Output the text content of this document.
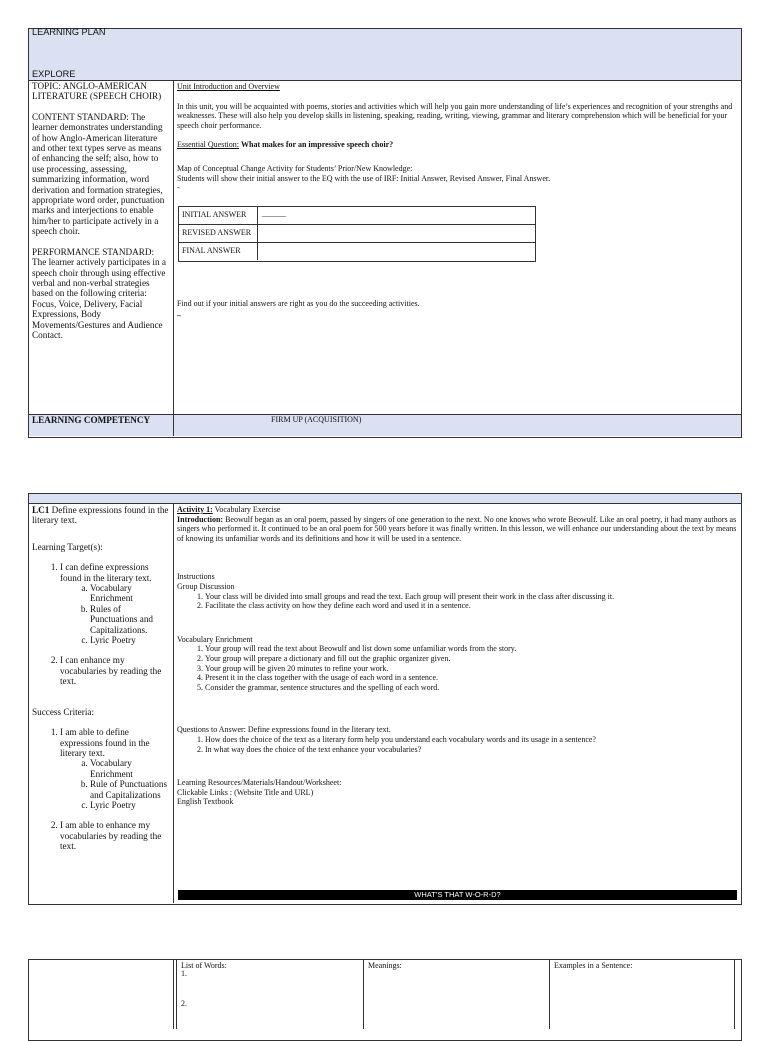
LEARNING PLAN
EXPLORE

TOPIC: ANGLO-AMERICAN LITERATURE (SPEECH CHOIR)

CONTENT STANDARD: The learner demonstrates understanding of how Anglo-American literature and other text types serve as means of enhancing the self; also, how to use processing, assessing, summarizing information, word derivation and formation strategies, appropriate word order, punctuation marks and interjections to enable him/her to participate actively in a speech choir.

PERFORMANCE STANDARD: The learner actively participates in a speech choir through using effective verbal and non-verbal strategies based on the following criteria: Focus, Voice, Delivery, Facial Expressions, Body Movements/Gestures and Audience Contact.

Unit Introduction and Overview

In this unit, you will be acquainted with poems, stories and activities which will help you gain more understanding of life’s experiences and recognition of your strengths and weaknesses. These will also help you develop skills in listening, speaking, reading, writing, viewing, grammar and literary comprehension which will be beneficial for your speech choir performance.

Essential Question: What makes for an impressive speech choir?

Map of Conceptual Change Activity for Students’ Prior/New Knowledge:

Students will show their initial answer to the EQ with the use of IRF: Initial Answer, Revised Answer, Final Answer.

-

INITIAL ANSWER ______
REVISED ANSWER
FINAL ANSWER
Find out if your initial answers are right as you do the succeeding activities.
–
LEARNING COMPETENCY	FIRM UP (ACQUISITION)

LC1 Define expressions found in the literary text.

Learning Target(s):

1. I can define expressions found in the literary text.
a. Vocabulary Enrichment
b. Rules of Punctuations and Capitalizations.
c. Lyric Poetry
2. I can enhance my vocabularies by reading the text.

Success Criteria:

1. I am able to define expressions found in the literary text.
a. Vocabulary Enrichment
b. Rule of Punctuations and Capitalizations
c. Lyric Poetry
2. I am able to enhance my vocabularies by reading the text.

Activity 1: Vocabulary Exercise

Introduction: Beowulf began as an oral poem, passed by singers of one generation to the next. No one knows who wrote Beowulf. Like an oral poetry, it had many authors as singers who performed it. It continued to be an oral poem for 500 years before it was finally written. In this lesson, we will enhance our understanding about the text by means of knowing its unfamiliar words and its definitions and how it will be used in a sentence.

Instructions

Group Discussion

1. Your class will be divided into small groups and read the text. Each group will present their work in the class after discussing it.
2. Facilitate the class activity on how they define each word and used it in a sentence.

Vocabulary Enrichment

1. Your group will read the text about Beowulf and list down some unfamiliar words from the story.
2. Your group will prepare a dictionary and fill out the graphic organizer given.
3. Your group will be given 20 minutes to refine your work.
4. Present it in the class together with the usage of each word in a sentence.
5. Consider the grammar, sentence structures and the spelling of each word.

Questions to Answer: Define expressions found in the literary text.

1. How does the choice of the text as a literary form help you understand each vocabulary words and its usage in a sentence?
2. In what way does the choice of the text enhance your vocabularies?

Learning Resources/Materials/Handout/Worksheet:

Clickable Links : (Website Title and URL)

English Textbook

WHAT’S THAT W-O-R-D?
List of Words:
1.
2.
Meanings:	Examples in a Sentence:
